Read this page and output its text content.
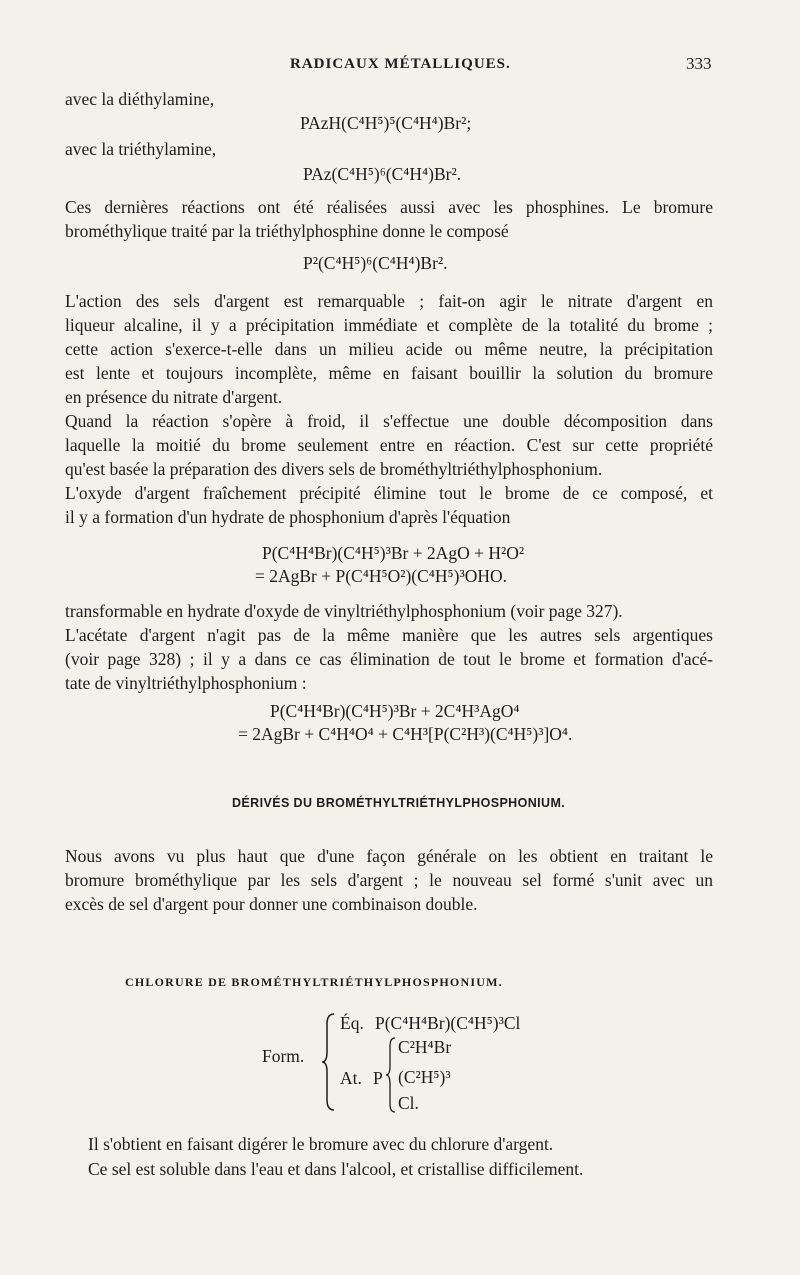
RADICAUX MÉTALLIQUES.	333
avec la diéthylamine,
PAzH(C⁴H⁵)⁵(C⁴H⁴)Br²;
avec la triéthylamine,
PAz(C⁴H⁵)⁶(C⁴H⁴)Br².
Ces dernières réactions ont été réalisées aussi avec les phosphines. Le bromure
brométhylique traité par la triéthylphosphine donne le composé
P²(C⁴H⁵)⁶(C⁴H⁴)Br².
L'action des sels d'argent est remarquable ; fait-on agir le nitrate d'argent en
liqueur alcaline, il y a précipitation immédiate et complète de la totalité du brome ;
cette action s'exerce-t-elle dans un milieu acide ou même neutre, la précipitation
est lente et toujours incomplète, même en faisant bouillir la solution du bromure
en présence du nitrate d'argent.
Quand la réaction s'opère à froid, il s'effectue une double décomposition dans
laquelle la moitié du brome seulement entre en réaction. C'est sur cette propriété
qu'est basée la préparation des divers sels de brométhyltriéthylphosphonium.
L'oxyde d'argent fraîchement précipité élimine tout le brome de ce composé, et
il y a formation d'un hydrate de phosphonium d'après l'équation
P(C⁴H⁴Br)(C⁴H⁵)³Br + 2AgO + H²O²
= 2AgBr + P(C⁴H⁵O²)(C⁴H⁵)³OHO.
transformable en hydrate d'oxyde de vinyltriéthylphosphonium (voir page 327).
L'acétate d'argent n'agit pas de la même manière que les autres sels argentiques
(voir page 328) ; il y a dans ce cas élimination de tout le brome et formation d'acé-
tate de vinyltriéthylphosphonium :
P(C⁴H⁴Br)(C⁴H⁵)³Br + 2C⁴H³AgO⁴
= 2AgBr + C⁴H⁴O⁴ + C⁴H³[P(C²H³)(C⁴H⁵)³]O⁴.
DÉRIVÉS DU BROMÉTHYLTRIÉTHYLPHOSPHONIUM.
Nous avons vu plus haut que d'une façon générale on les obtient en traitant le
bromure brométhylique par les sels d'argent ; le nouveau sel formé s'unit avec un
excès de sel d'argent pour donner une combinaison double.
CHLORURE DE BROMÉTHYLTRIÉTHYLPHOSPHONIUM.
Form.
Éq. P(C⁴H⁴Br)(C⁴H⁵)³Cl
At. P
C²H⁴Br
(C²H⁵)³
Cl.
Il s'obtient en faisant digérer le bromure avec du chlorure d'argent.
Ce sel est soluble dans l'eau et dans l'alcool, et cristallise difficilement.
